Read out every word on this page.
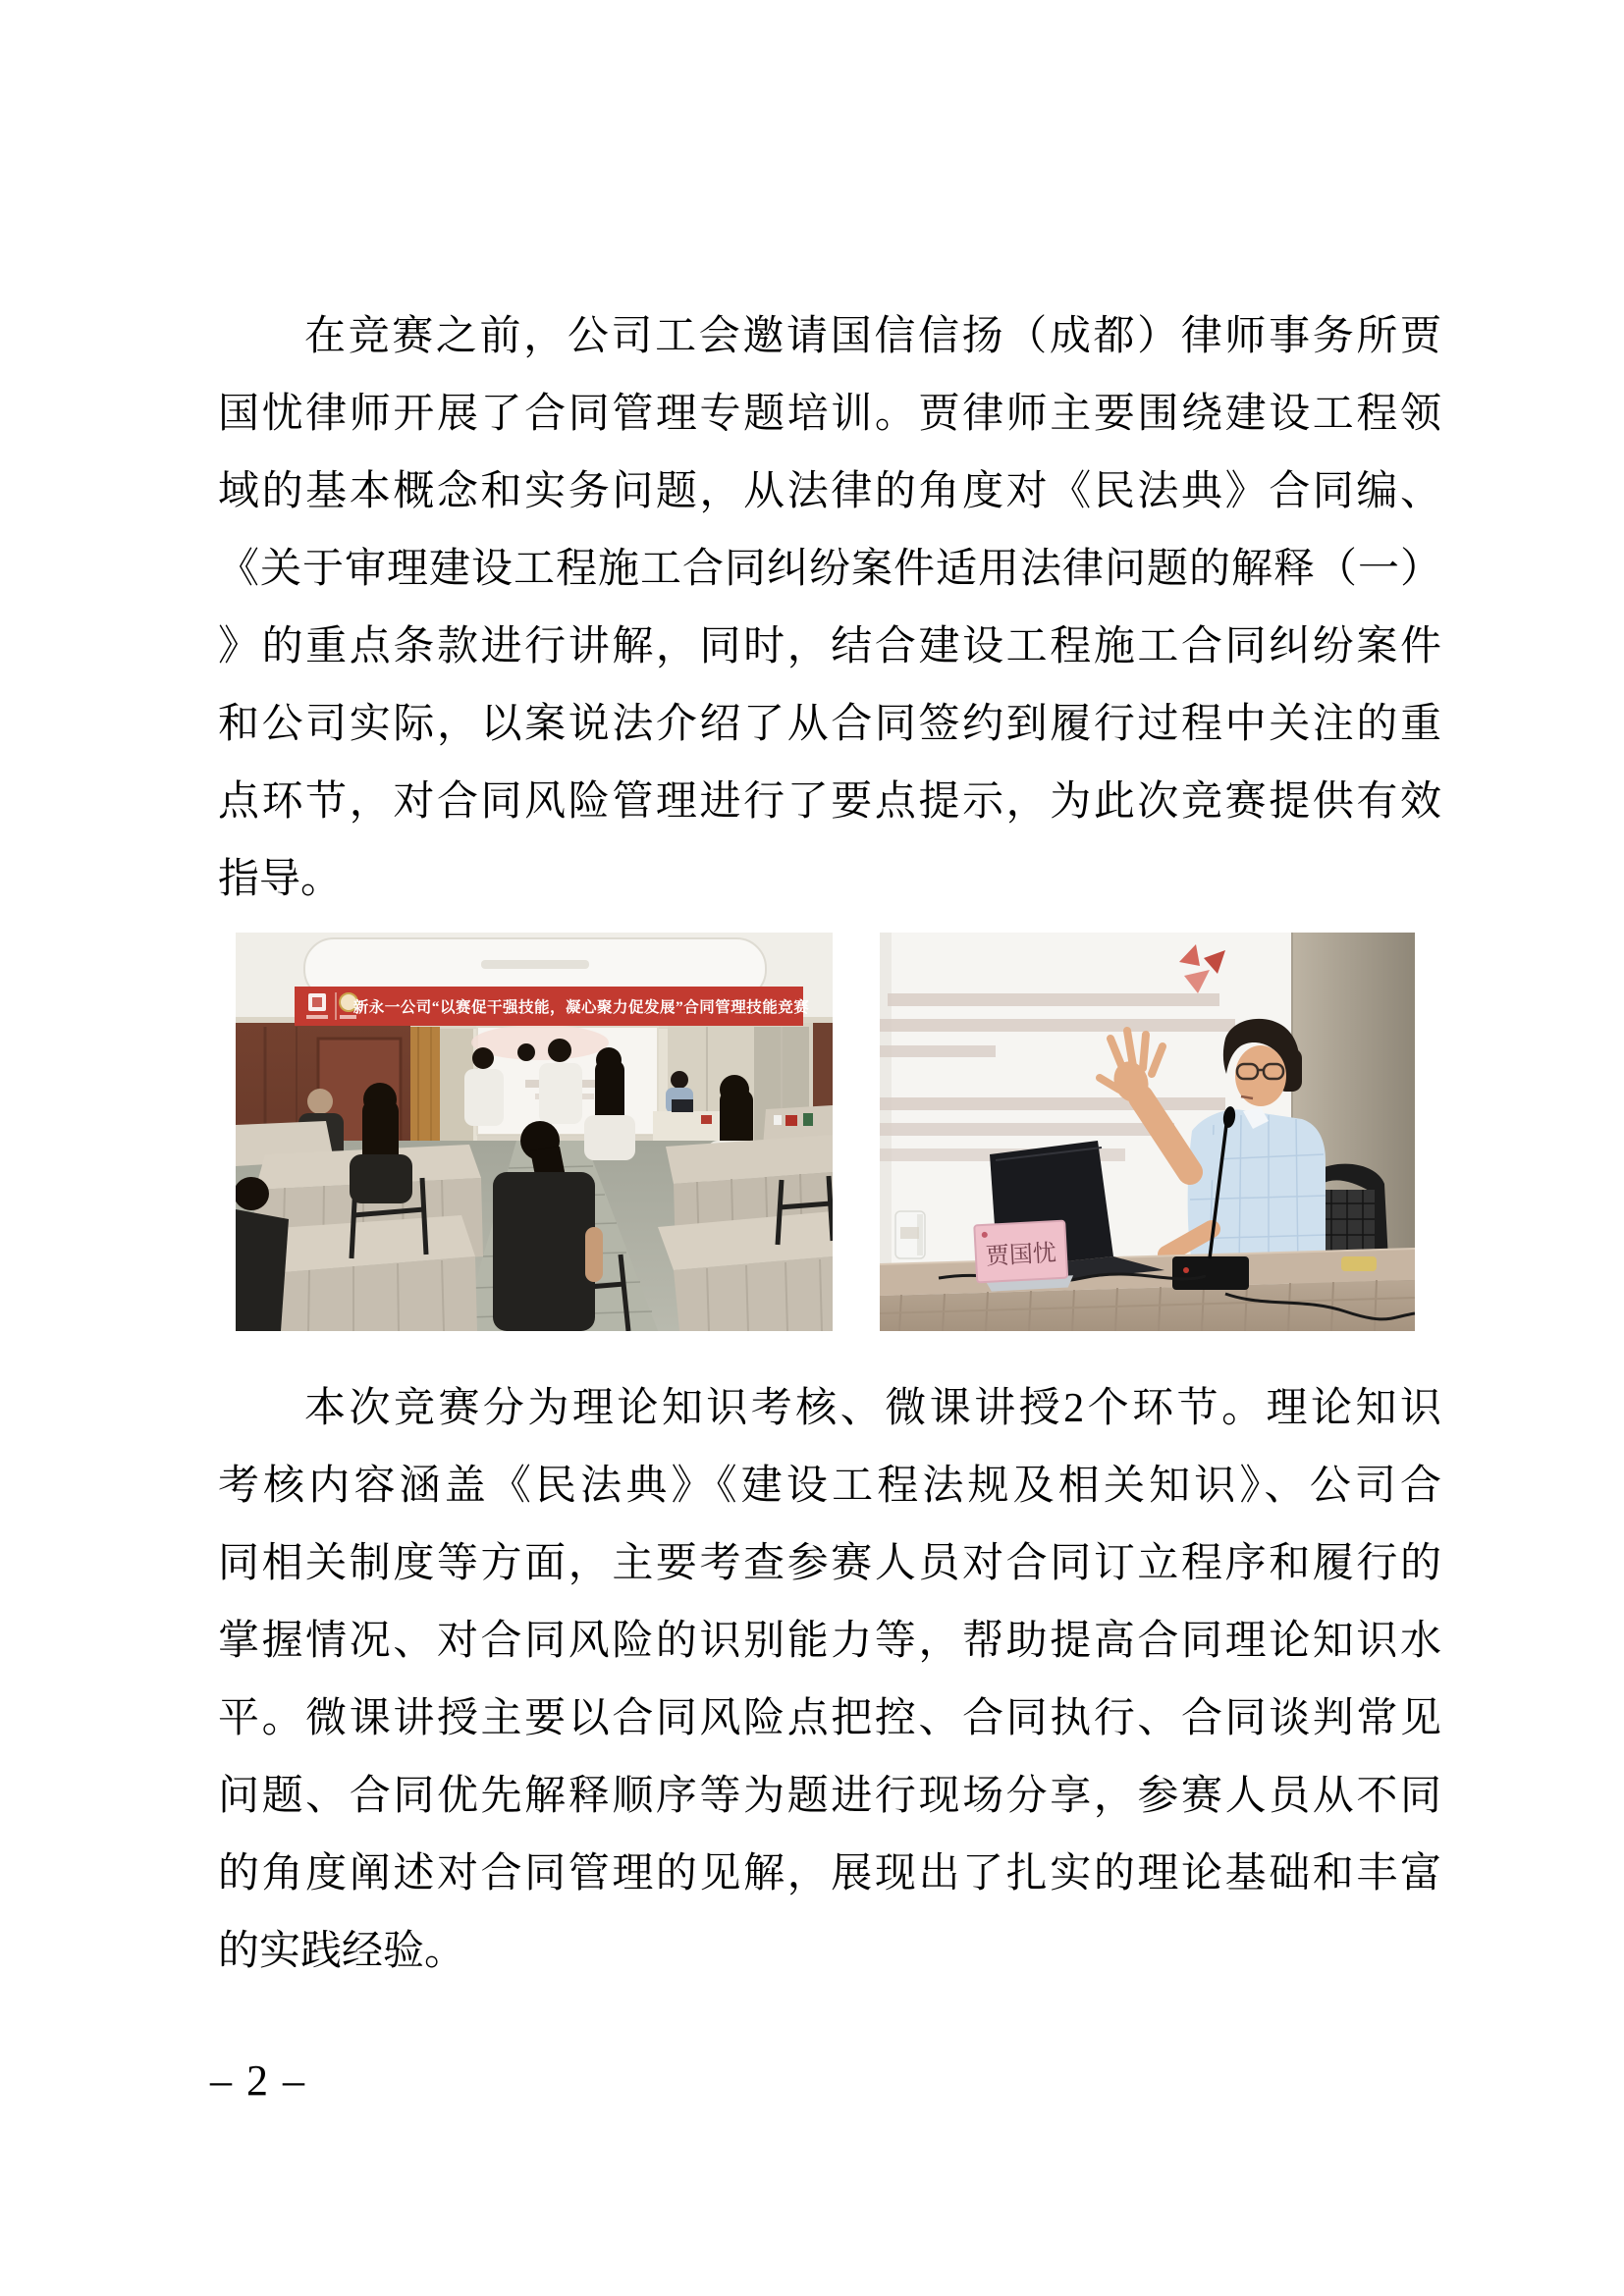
在竞赛之前，公司工会邀请国信信扬（成都）律师事务所贾
国忧律师开展了合同管理专题培训。贾律师主要围绕建设工程领
域的基本概念和实务问题，从法律的角度对《民法典》合同编、
《关于审理建设工程施工合同纠纷案件适用法律问题的解释（一）
》的重点条款进行讲解，同时，结合建设工程施工合同纠纷案件
和公司实际，以案说法介绍了从合同签约到履行过程中关注的重
点环节，对合同风险管理进行了要点提示，为此次竞赛提供有效
指导。
新永一公司“以赛促干强技能，凝心聚力促发展”合同管理技能竞赛
贾国忧
本次竞赛分为理论知识考核、微课讲授2个环节。理论知识
考核内容涵盖《民法典》《建设工程法规及相关知识》、公司合
同相关制度等方面，主要考查参赛人员对合同订立程序和履行的
掌握情况、对合同风险的识别能力等，帮助提高合同理论知识水
平。微课讲授主要以合同风险点把控、合同执行、合同谈判常见
问题、合同优先解释顺序等为题进行现场分享，参赛人员从不同
的角度阐述对合同管理的见解，展现出了扎实的理论基础和丰富
的实践经验。
– 2 –
